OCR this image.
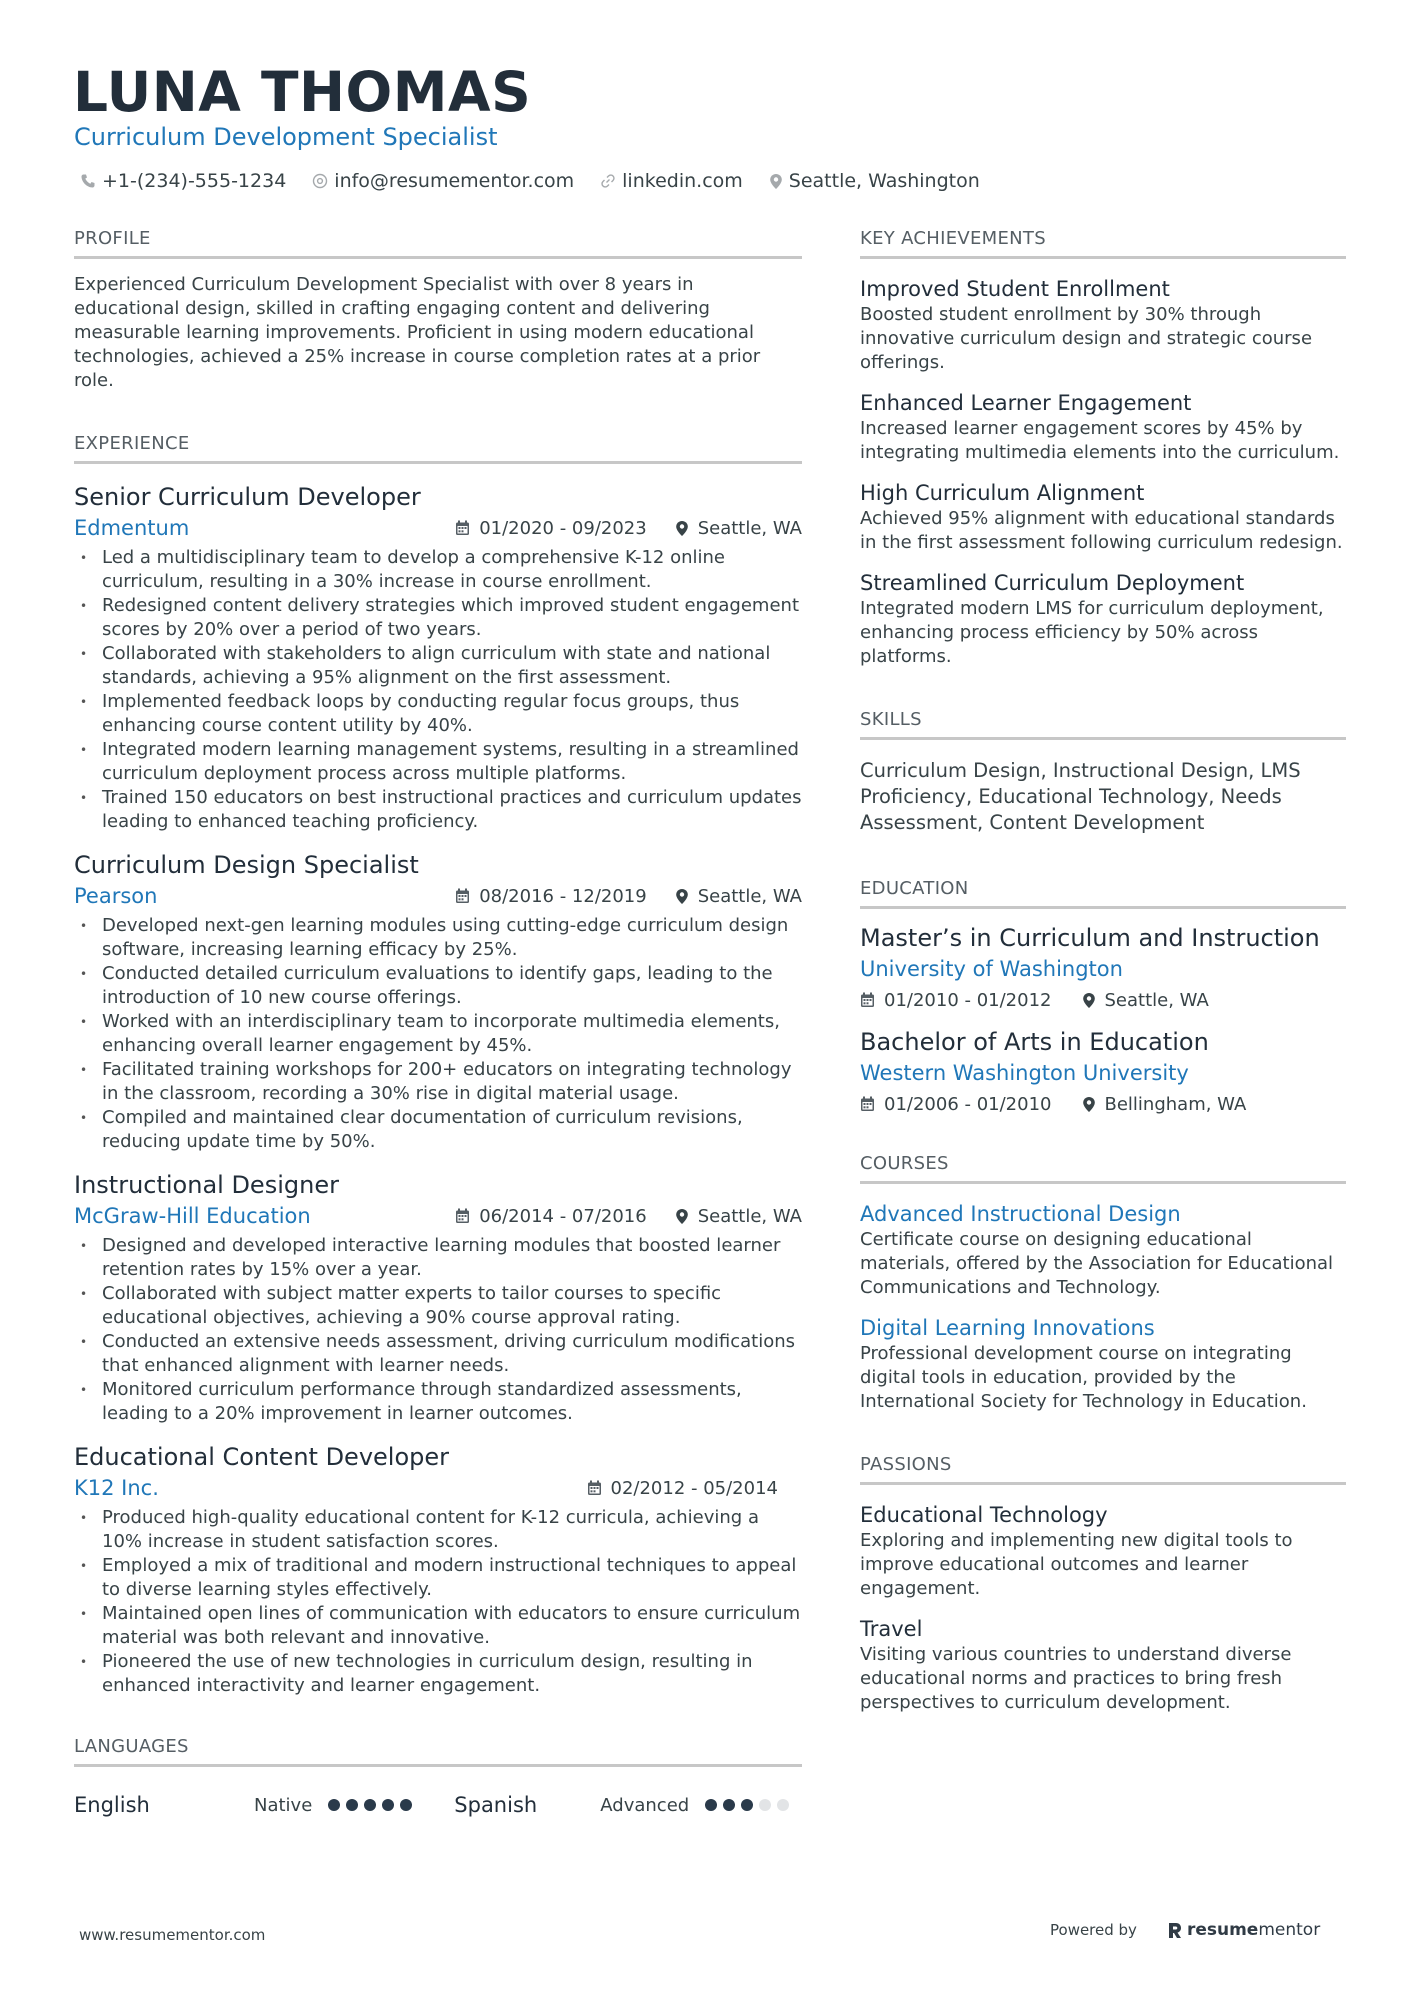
LUNA THOMAS
Curriculum Development Specialist
+1-(234)-555-1234	info@resumementor.com	linkedin.com Seattle, Washington
PROFILE

Experienced Curriculum Development Specialist with over 8 years in educational design, skilled in crafting engaging content and delivering measurable learning improvements. Proficient in using modern educational technologies, achieved a 25% increase in course completion rates at a prior role.

EXPERIENCE
Senior Curriculum Developer
Edmentum	01/2020 - 09/2023	Seattle, WA
• Led a multidisciplinary team to develop a comprehensive K-12 online curriculum, resulting in a 30% increase in course enrollment.
• Redesigned content delivery strategies which improved student engagement scores by 20% over a period of two years.
• Collaborated with stakeholders to align curriculum with state and national standards, achieving a 95% alignment on the first assessment.
• Implemented feedback loops by conducting regular focus groups, thus enhancing course content utility by 40%.
• Integrated modern learning management systems, resulting in a streamlined curriculum deployment process across multiple platforms.
• Trained 150 educators on best instructional practices and curriculum updates leading to enhanced teaching proficiency.
Curriculum Design Specialist
Pearson	08/2016 - 12/2019	Seattle, WA
• Developed next-gen learning modules using cutting-edge curriculum design software, increasing learning efficacy by 25%.
• Conducted detailed curriculum evaluations to identify gaps, leading to the introduction of 10 new course offerings.
• Worked with an interdisciplinary team to incorporate multimedia elements, enhancing overall learner engagement by 45%.
• Facilitated training workshops for 200+ educators on integrating technology in the classroom, recording a 30% rise in digital material usage.
• Compiled and maintained clear documentation of curriculum revisions, reducing update time by 50%.
Instructional Designer
McGraw-Hill Education	06/2014 - 07/2016	Seattle, WA
• Designed and developed interactive learning modules that boosted learner retention rates by 15% over a year.
• Collaborated with subject matter experts to tailor courses to specific educational objectives, achieving a 90% course approval rating.
• Conducted an extensive needs assessment, driving curriculum modifications that enhanced alignment with learner needs.
• Monitored curriculum performance through standardized assessments, leading to a 20% improvement in learner outcomes.
Educational Content Developer
K12 Inc.	02/2012 - 05/2014
• Produced high-quality educational content for K-12 curricula, achieving a 10% increase in student satisfaction scores.
• Employed a mix of traditional and modern instructional techniques to appeal to diverse learning styles effectively.
• Maintained open lines of communication with educators to ensure curriculum material was both relevant and innovative.
• Pioneered the use of new technologies in curriculum design, resulting in enhanced interactivity and learner engagement.
LANGUAGES
English	Native	Spanish	Advanced
KEY ACHIEVEMENTS
Improved Student Enrollment

Boosted student enrollment by 30% through innovative curriculum design and strategic course offerings.

Enhanced Learner Engagement

Increased learner engagement scores by 45% by integrating multimedia elements into the curriculum.

High Curriculum Alignment

Achieved 95% alignment with educational standards in the first assessment following curriculum redesign.

Streamlined Curriculum Deployment

Integrated modern LMS for curriculum deployment, enhancing process efficiency by 50% across platforms.

SKILLS

Curriculum Design, Instructional Design, LMS Proficiency, Educational Technology, Needs Assessment, Content Development

EDUCATION
Master’s in Curriculum and Instruction
University of Washington
01/2010 - 01/2012	Seattle, WA
Bachelor of Arts in Education
Western Washington University
01/2006 - 01/2010	Bellingham, WA
COURSES
Advanced Instructional Design

Certificate course on designing educational materials, offered by the Association for Educational Communications and Technology.

Digital Learning Innovations

Professional development course on integrating digital tools in education, provided by the International Society for Technology in Education.

PASSIONS
Educational Technology

Exploring and implementing new digital tools to improve educational outcomes and learner engagement.

Travel

Visiting various countries to understand diverse educational norms and practices to bring fresh perspectives to curriculum development.

www.resumementor.com	Powered by	resume mentor
